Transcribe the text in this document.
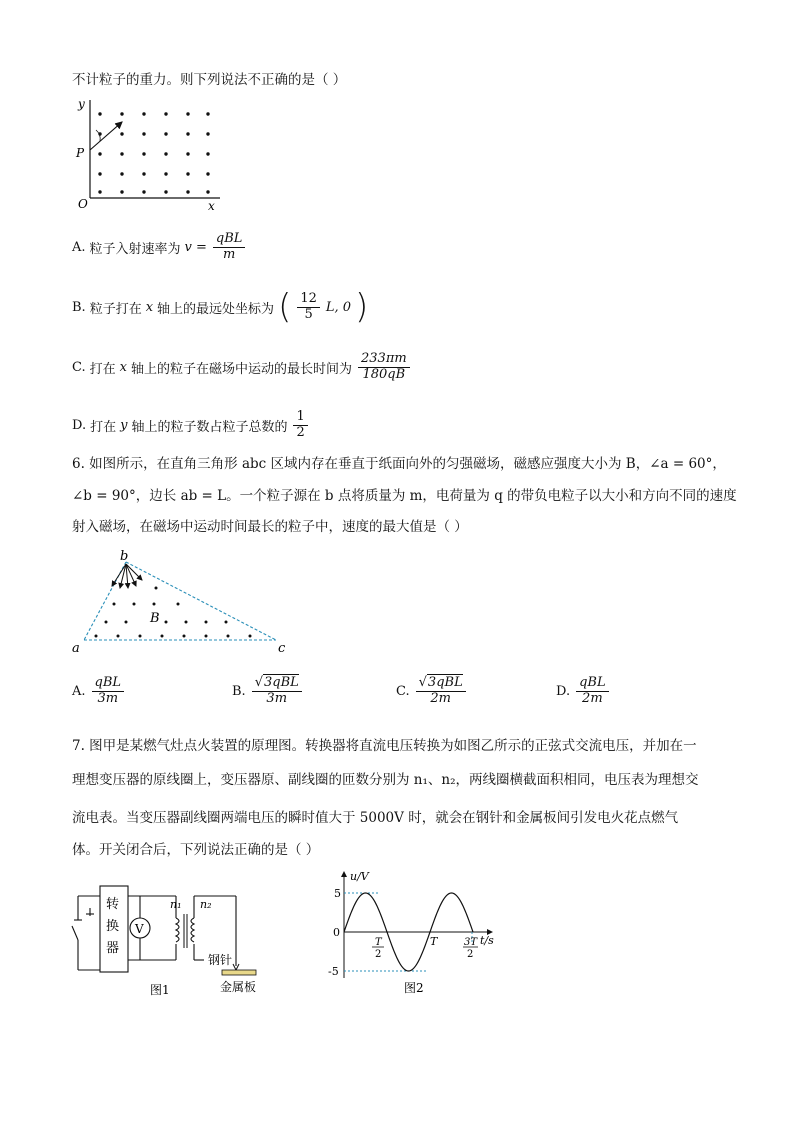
不计粒子的重力。则下列说法不正确的是（ ）
y
x
O
P
A. 粒子入射速率为 $v = \frac{\text{qBL}}{m}$
B. 粒子打在 x 轴上的最远处坐标为 ( $\frac{12}{5} L$, 0 )
C. 打在 x 轴上的粒子在磁场中运动的最长时间为 $\frac{233\pi m}{180qB}$
D. 打在 y 轴上的粒子数占粒子总数的 $\frac{1}{2}$
6. 如图所示，在直角三角形 abc 区域内存在垂直于纸面向外的匀强磁场，磁感应强度大小为 B，∠a = 60°，
∠b = 90°，边长 ab = L。一个粒子源在 b 点将质量为 m，电荷量为 q 的带负电粒子以大小和方向不同的速度
射入磁场，在磁场中运动时间最长的粒子中，速度的最大值是（ ）
b
a	c
B
A. $\frac{\text{qBL}}{3m}$	B. $\frac{\text{√3qBL}}{3m}$	C. $\frac{\text{√3qBL}}{2m}$	D. $\frac{\text{qBL}}{2m}$
7. 图甲是某燃气灶点火装置的原理图。转换器将直流电压转换为如图乙所示的正弦式交流电压，并加在一
理想变压器的原线圈上，变压器原、副线圈的匝数分别为 n₁、n₂，两线圈横截面积相同，电压表为理想交
流电表。当变压器副线圈两端电压的瞬时值大于 5000V 时，就会在钢针和金属板间引发电火花点燃气
体。开关闭合后，下列说法正确的是（ ）
转
换
器
V
n₁ n₂
钢针
金属板
图1
u/V
t/s
0
5
-5
T
2
T	3T
2
图2
